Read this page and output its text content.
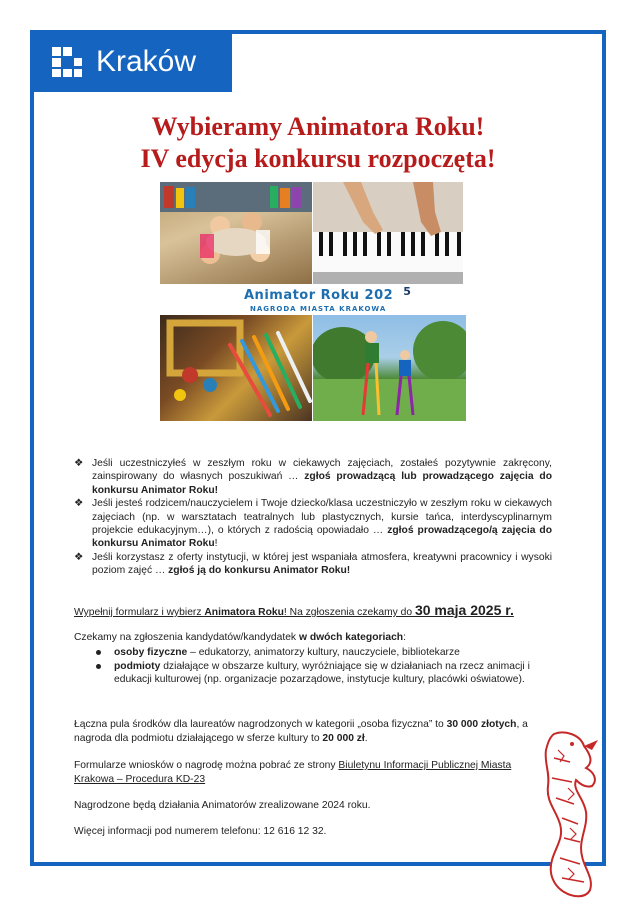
Kraków
Wybieramy Animatora Roku!
IV edycja konkursu rozpoczęta!
Animator Roku 202 $^5$
NAGRODA MIASTA KRAKOWA
❖ Jeśli uczestniczyłeś w zeszłym roku w ciekawych zajęciach, zostałeś pozytywnie zakręcony, zainspirowany do własnych poszukiwań … zgłoś prowadzącą lub prowadzącego zajęcia do konkursu Animator Roku!
❖ Jeśli jesteś rodzicem/nauczycielem i Twoje dziecko/klasa uczestniczyło w zeszłym roku w ciekawych zajęciach (np. w warsztatach teatralnych lub plastycznych, kursie tańca, interdyscyplinarnym projekcie edukacyjnym…), o których z radością opowiadało … zgłoś prowadzącego/ą zajęcia do konkursu Animator Roku!
❖ Jeśli korzystasz z oferty instytucji, w której jest wspaniała atmosfera, kreatywni pracownicy i wysoki poziom zajęć … zgłoś ją do konkursu Animator Roku!

Wypełnij formularz i wybierz Animatora Roku! Na zgłoszenia czekamy do 30 maja 2025 r.

Czekamy na zgłoszenia kandydatów/kandydatek w dwóch kategoriach:

osoby fizyczne – edukatorzy, animatorzy kultury, nauczyciele, bibliotekarze
podmioty działające w obszarze kultury, wyróżniające się w działaniach na rzecz animacji i edukacji kulturowej (np. organizacje pozarządowe, instytucje kultury, placówki oświatowe).

Łączna pula środków dla laureatów nagrodzonych w kategorii „osoba fizyczna” to 30 000 złotych, a nagroda dla podmiotu działającego w sferze kultury to 20 000 zł.

Formularze wniosków o nagrodę można pobrać ze strony Biuletynu Informacji Publicznej Miasta Krakowa – Procedura KD-23

Nagrodzone będą działania Animatorów zrealizowane 2024 roku.

Więcej informacji pod numerem telefonu: 12 616 12 32.
